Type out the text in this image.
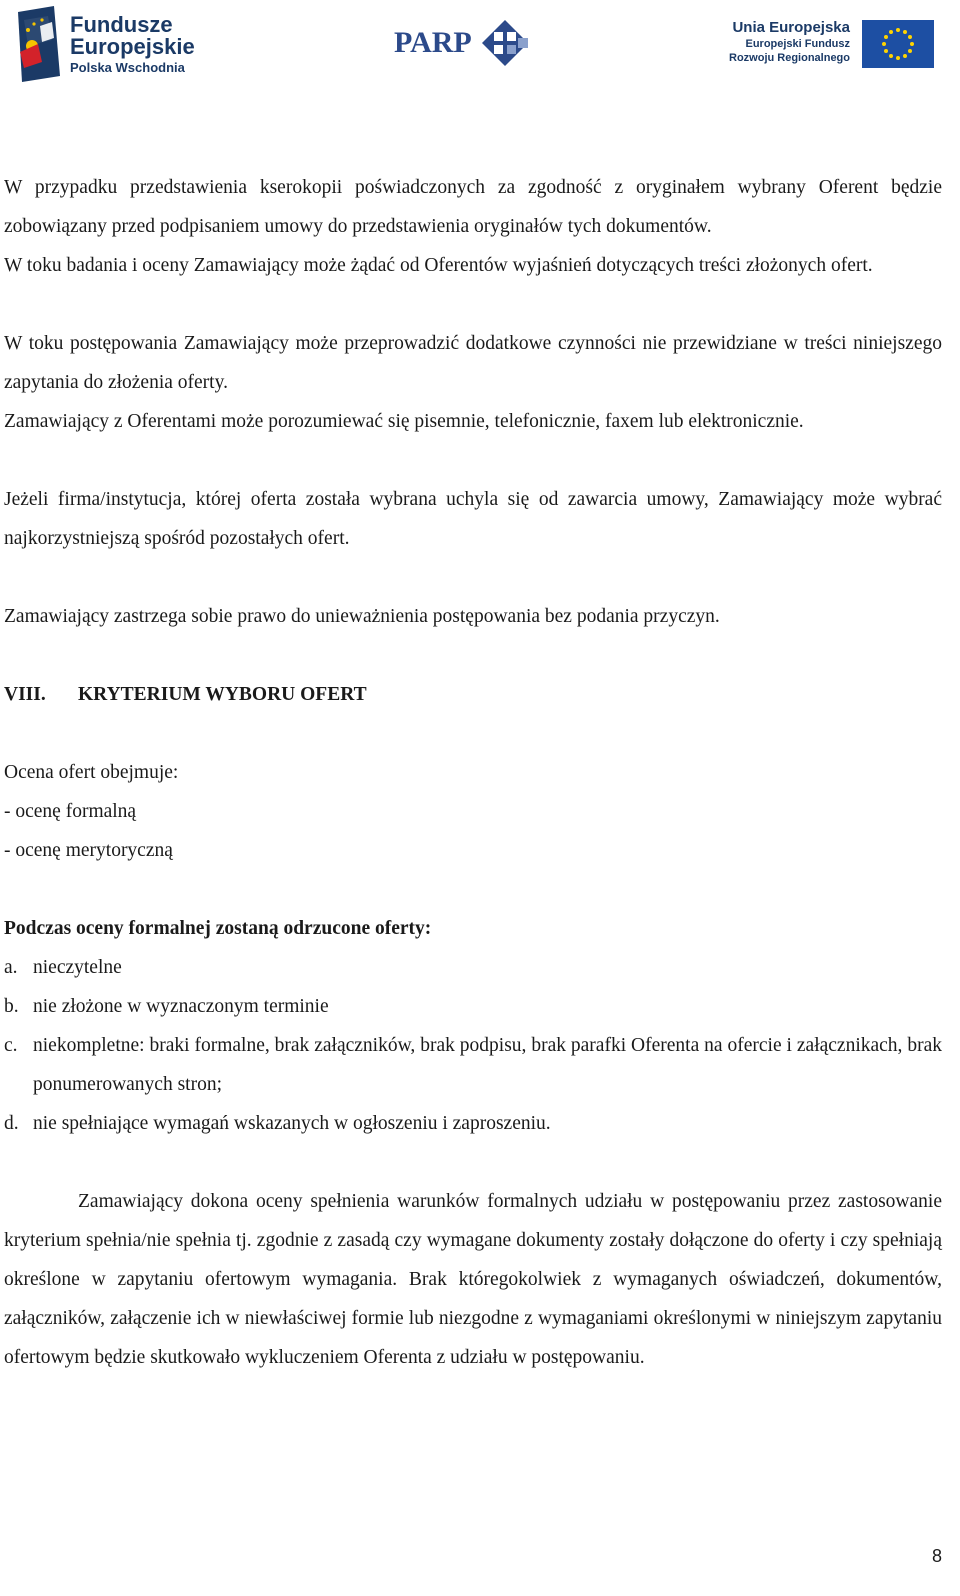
Fundusze
Europejskie
Polska Wschodnia
PARP	Unia Europejska
Europejski Fundusz
Rozwoju Regionalnego

W przypadku przedstawienia kserokopii poświadczonych za zgodność z oryginałem wybrany Oferent będzie zobowiązany przed podpisaniem umowy do przedstawienia oryginałów tych dokumentów.

W toku badania i oceny Zamawiający może żądać od Oferentów wyjaśnień dotyczących treści złożonych ofert.

W toku postępowania Zamawiający może przeprowadzić dodatkowe czynności nie przewidziane w treści niniejszego zapytania do złożenia oferty.

Zamawiający z Oferentami może porozumiewać się pisemnie, telefonicznie, faxem lub elektronicznie.

Jeżeli firma/instytucja, której oferta została wybrana uchyla się od zawarcia umowy, Zamawiający może wybrać najkorzystniejszą spośród pozostałych ofert.

Zamawiający zastrzega sobie prawo do unieważnienia postępowania bez podania przyczyn.

VIII. KRYTERIUM WYBORU OFERT

Ocena ofert obejmuje:

- ocenę formalną

- ocenę merytoryczną

Podczas oceny formalnej zostaną odrzucone oferty:
a. nieczytelne
b. nie złożone w wyznaczonym terminie
c. niekompletne: braki formalne, brak załączników, brak podpisu, brak parafki Oferenta na ofercie i załącznikach, brak ponumerowanych stron;
d. nie spełniające wymagań wskazanych w ogłoszeniu i zaproszeniu.

Zamawiający dokona oceny spełnienia warunków formalnych udziału w postępowaniu przez zastosowanie kryterium spełnia/nie spełnia tj. zgodnie z zasadą czy wymagane dokumenty zostały dołączone do oferty i czy spełniają określone w zapytaniu ofertowym wymagania. Brak któregokolwiek z wymaganych oświadczeń, dokumentów, załączników, załączenie ich w niewłaściwej formie lub niezgodne z wymaganiami określonymi w niniejszym zapytaniu ofertowym będzie skutkowało wykluczeniem Oferenta z udziału w postępowaniu.

8
